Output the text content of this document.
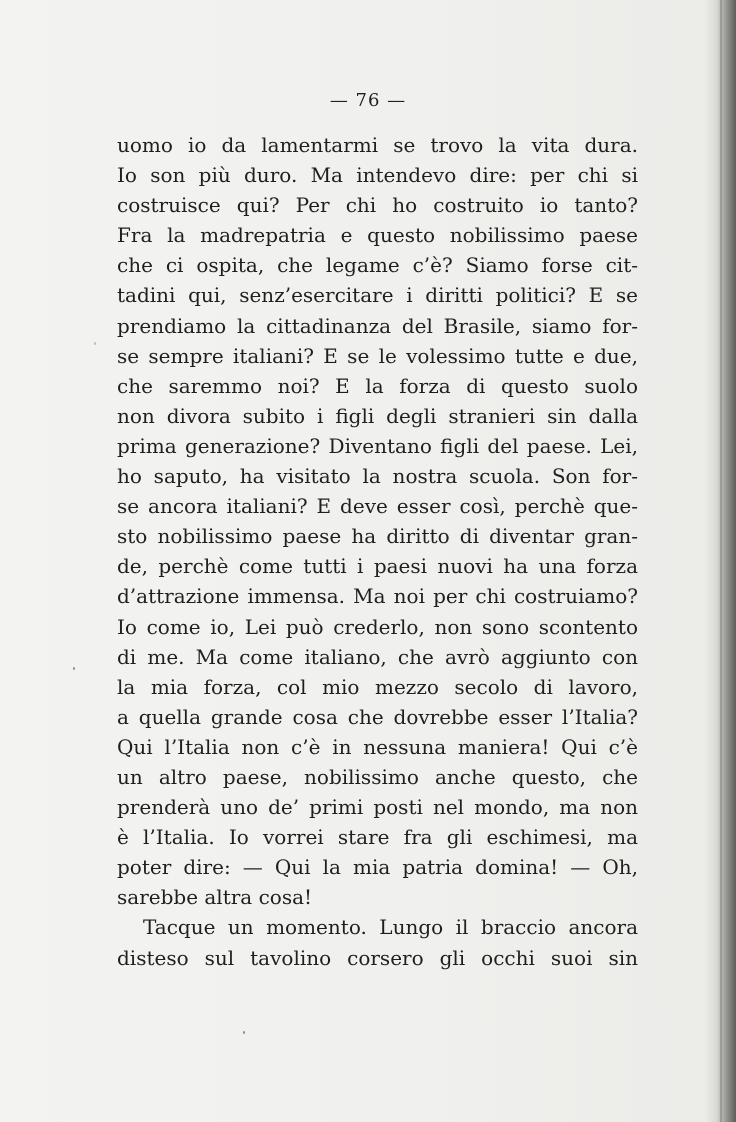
— 76 —
uomo io da lamentarmi se trovo la vita dura.
Io son più duro. Ma intendevo dire: per chi si
costruisce qui? Per chi ho costruito io tanto?
Fra la madrepatria e questo nobilissimo paese
che ci ospita, che legame c’è? Siamo forse cit-
tadini qui, senz’esercitare i diritti politici? E se
prendiamo la cittadinanza del Brasile, siamo for-
se sempre italiani? E se le volessimo tutte e due,
che saremmo noi? E la forza di questo suolo
non divora subito i figli degli stranieri sin dalla
prima generazione? Diventano figli del paese. Lei,
ho saputo, ha visitato la nostra scuola. Son for-
se ancora italiani? E deve esser così, perchè que-
sto nobilissimo paese ha diritto di diventar gran-
de, perchè come tutti i paesi nuovi ha una forza
d’attrazione immensa. Ma noi per chi costruiamo?
Io come io, Lei può crederlo, non sono scontento
di me. Ma come italiano, che avrò aggiunto con
la mia forza, col mio mezzo secolo di lavoro,
a quella grande cosa che dovrebbe esser l’Italia?
Qui l’Italia non c’è in nessuna maniera! Qui c’è
un altro paese, nobilissimo anche questo, che
prenderà uno de’ primi posti nel mondo, ma non
è l’Italia. Io vorrei stare fra gli eschimesi, ma
poter dire: — Qui la mia patria domina! — Oh,
sarebbe altra cosa!
Tacque un momento. Lungo il braccio ancora
disteso sul tavolino corsero gli occhi suoi sin
